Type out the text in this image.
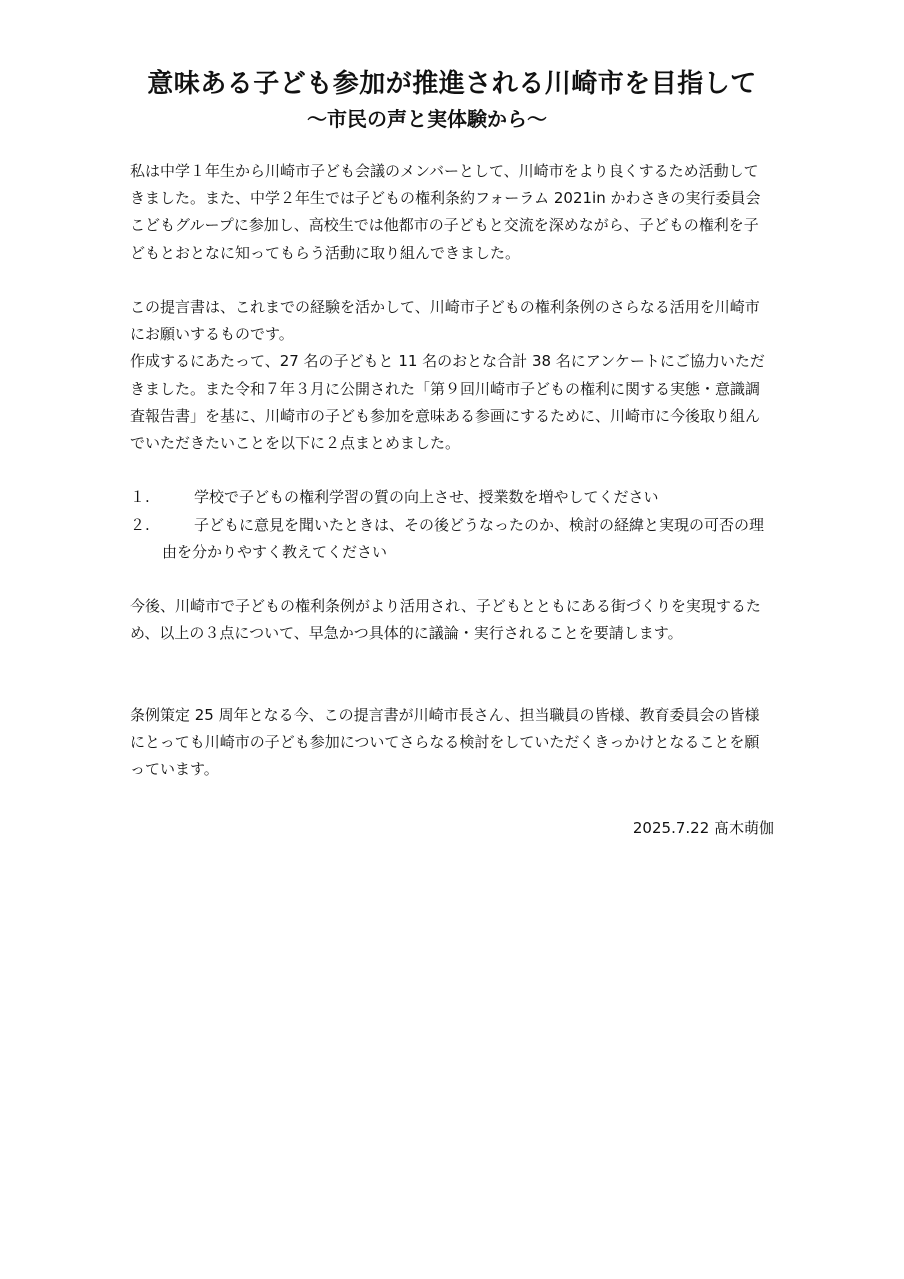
意味ある子ども参加が推進される川崎市を目指して
〜市民の声と実体験から〜

私は中学１年生から川崎市子ども会議のメンバーとして、川崎市をより良くするため活動してきました。また、中学２年生では子どもの権利条約フォーラム 2021in かわさきの実行委員会こどもグループに参加し、高校生では他都市の子どもと交流を深めながら、子どもの権利を子どもとおとなに知ってもらう活動に取り組んできました。

この提言書は、これまでの経験を活かして、川崎市子どもの権利条例のさらなる活用を川崎市にお願いするものです。

作成するにあたって、27 名の子どもと 11 名のおとな合計 38 名にアンケートにご協力いただきました。また令和７年３月に公開された「第９回川崎市子どもの権利に関する実態・意識調査報告書」を基に、川崎市の子ども参加を意味ある参画にするために、川崎市に今後取り組んでいただきたいことを以下に２点まとめました。

１.	学校で子どもの権利学習の質の向上させ、授業数を増やしてください
２.	子どもに意見を聞いたときは、その後どうなったのか、検討の経緯と実現の可否の理由を分かりやすく教えてください

今後、川崎市で子どもの権利条例がより活用され、子どもとともにある街づくりを実現するため、以上の３点について、早急かつ具体的に議論・実行されることを要請します。

条例策定 25 周年となる今、この提言書が川崎市長さん、担当職員の皆様、教育委員会の皆様にとっても川崎市の子ども参加についてさらなる検討をしていただくきっかけとなることを願っています。

2025.7.22 髙木萌伽
